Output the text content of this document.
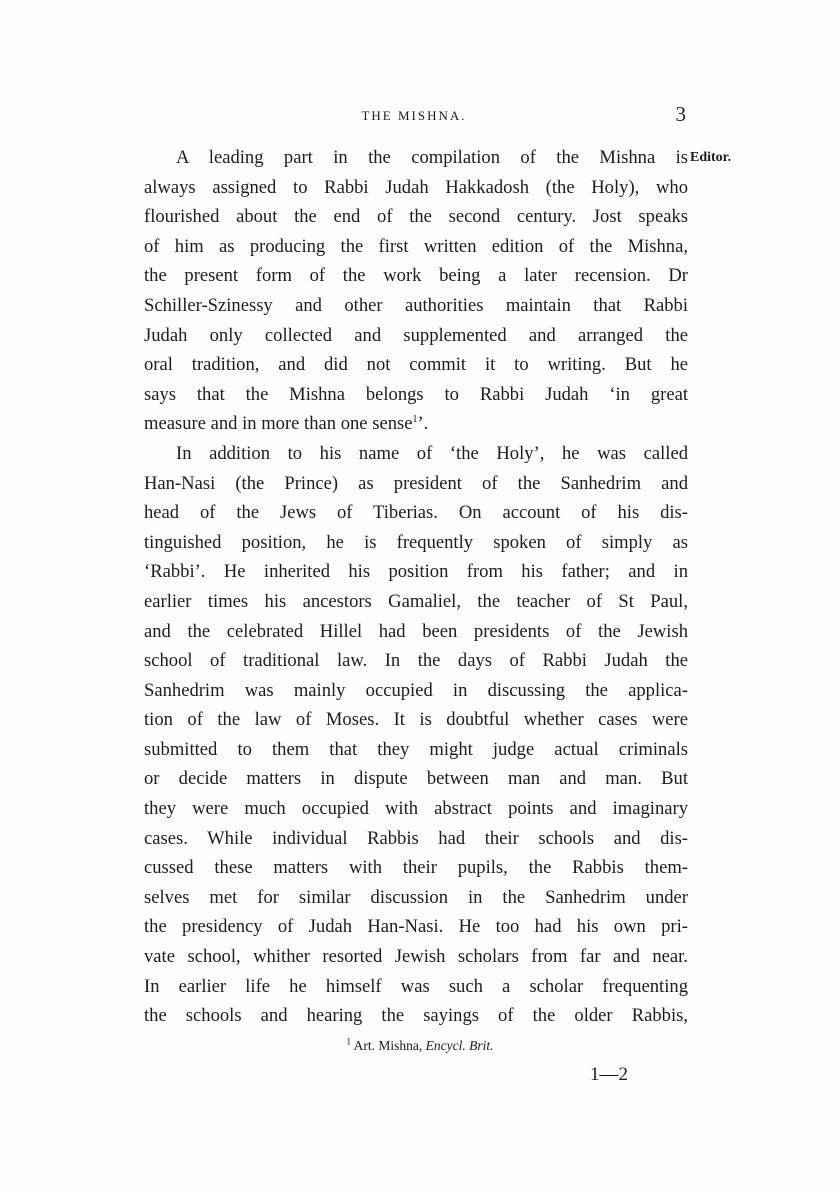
THE MISHNA.	3
Editor.
A leading part in the compilation of the Mishna is
always assigned to Rabbi Judah Hakkadosh (the Holy), who
flourished about the end of the second century. Jost speaks
of him as producing the first written edition of the Mishna,
the present form of the work being a later recension. Dr
Schiller-Szinessy and other authorities maintain that Rabbi
Judah only collected and supplemented and arranged the
oral tradition, and did not commit it to writing. But he
says that the Mishna belongs to Rabbi Judah ‘in great
measure and in more than one sense$^1$’.
In addition to his name of ‘the Holy’, he was called
Han-Nasi (the Prince) as president of the Sanhedrim and
head of the Jews of Tiberias. On account of his dis-
tinguished position, he is frequently spoken of simply as
‘Rabbi’. He inherited his position from his father; and in
earlier times his ancestors Gamaliel, the teacher of St Paul,
and the celebrated Hillel had been presidents of the Jewish
school of traditional law. In the days of Rabbi Judah the
Sanhedrim was mainly occupied in discussing the applica-
tion of the law of Moses. It is doubtful whether cases were
submitted to them that they might judge actual criminals
or decide matters in dispute between man and man. But
they were much occupied with abstract points and imaginary
cases. While individual Rabbis had their schools and dis-
cussed these matters with their pupils, the Rabbis them-
selves met for similar discussion in the Sanhedrim under
the presidency of Judah Han-Nasi. He too had his own pri-
vate school, whither resorted Jewish scholars from far and near.
In earlier life he himself was such a scholar frequenting
the schools and hearing the sayings of the older Rabbis,
$^1$ Art. Mishna, Encycl. Brit.
1—2
